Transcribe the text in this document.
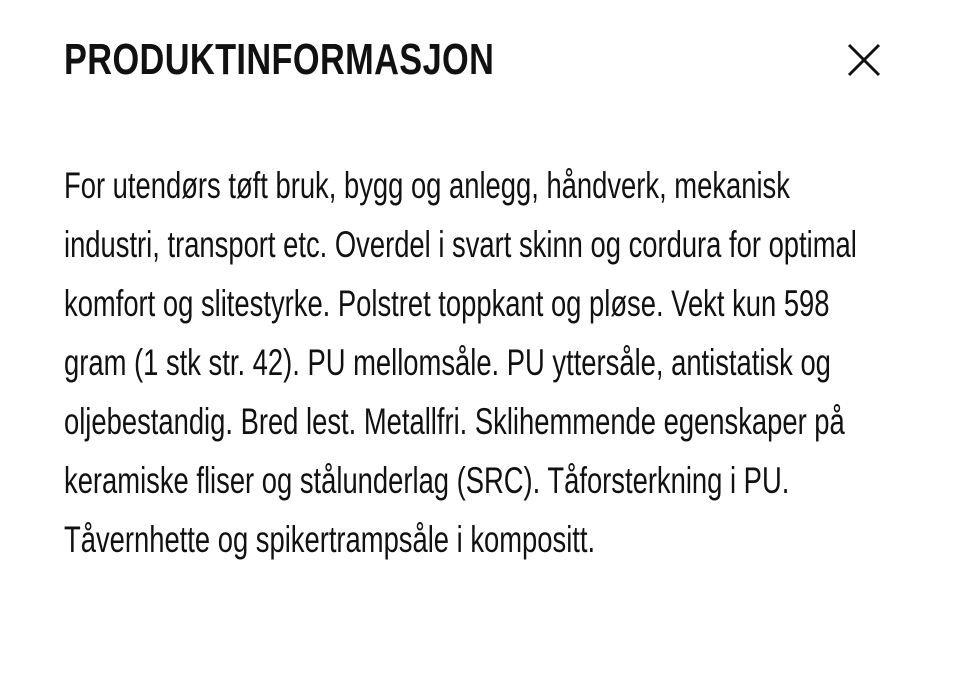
PRODUKTINFORMASJON

For utendørs tøft bruk, bygg og anlegg, håndverk, mekanisk industri, transport etc. Overdel i svart skinn og cordura for optimal komfort og slitestyrke. Polstret toppkant og pløse. Vekt kun 598 gram (1 stk str. 42). PU mellomsåle. PU yttersåle, antistatisk og oljebestandig. Bred lest. Metallfri. Sklihemmende egenskaper på keramiske fliser og stålunderlag (SRC). Tåforsterkning i PU. Tåvernhette og spikertrampsåle i kompositt.
